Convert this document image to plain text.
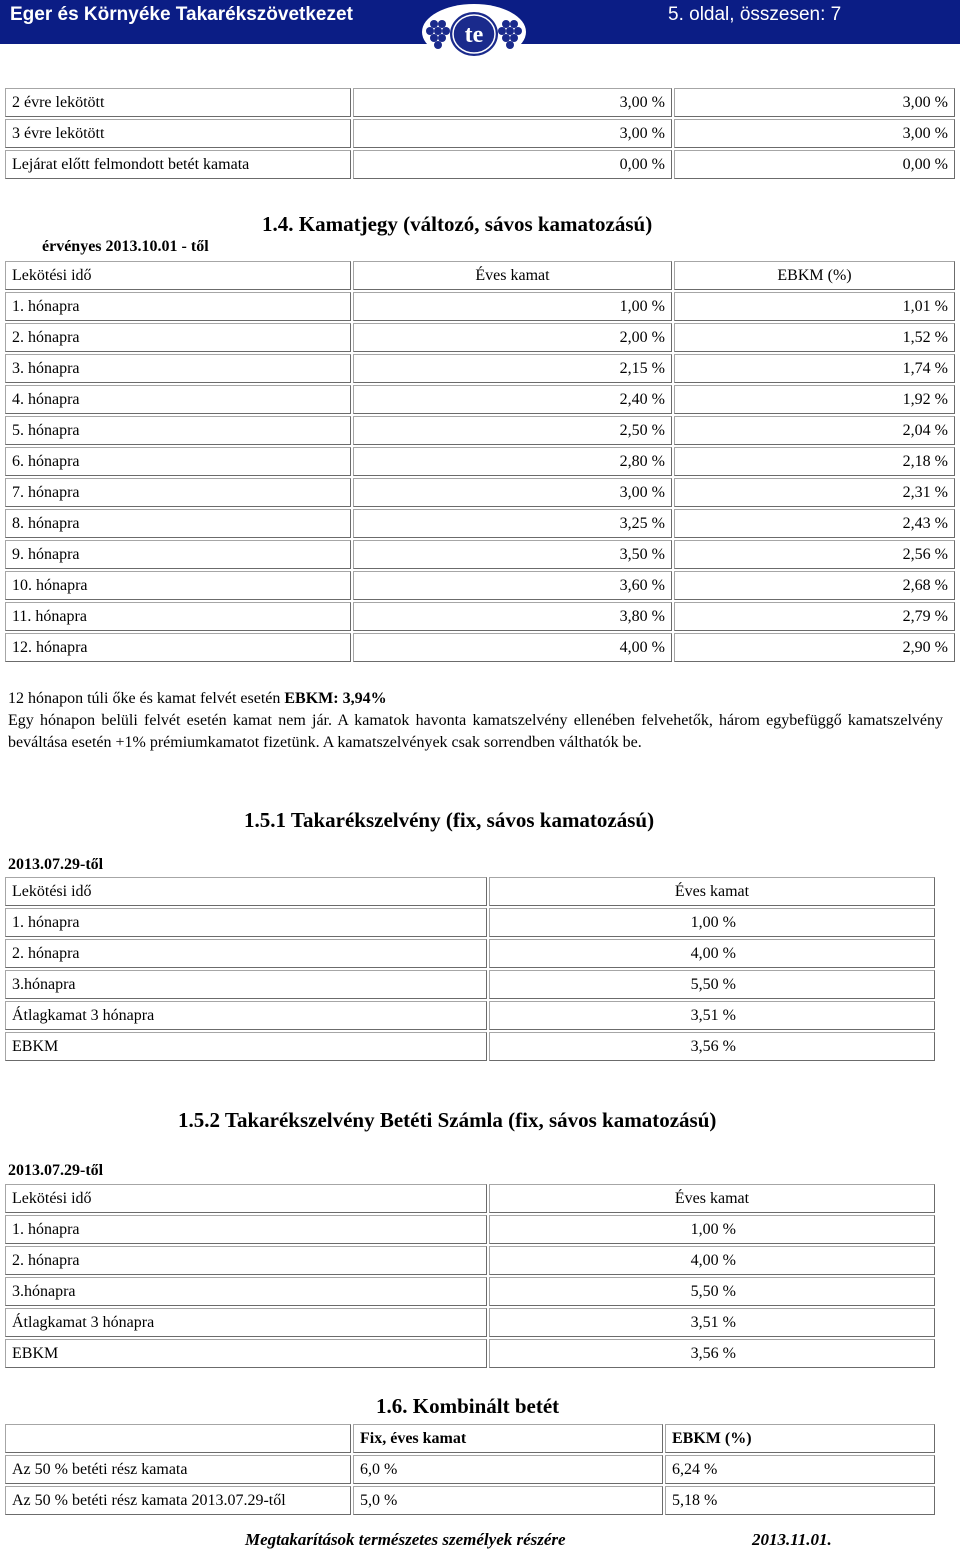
Eger és Környéke Takarékszövetkezet	5. oldal, összesen: 7
te
2 évre lekötött	3,00 %	3,00 %
3 évre lekötött	3,00 %	3,00 %
Lejárat előtt felmondott betét kamata	0,00 %	0,00 %
1.4. Kamatjegy (változó, sávos kamatozású)
érvényes 2013.10.01 - től
Lekötési idő	Éves kamat	EBKM (%)
1. hónapra	1,00 %	1,01 %
2. hónapra	2,00 %	1,52 %
3. hónapra	2,15 %	1,74 %
4. hónapra	2,40 %	1,92 %
5. hónapra	2,50 %	2,04 %
6. hónapra	2,80 %	2,18 %
7. hónapra	3,00 %	2,31 %
8. hónapra	3,25 %	2,43 %
9. hónapra	3,50 %	2,56 %
10. hónapra	3,60 %	2,68 %
11. hónapra	3,80 %	2,79 %
12. hónapra	4,00 %	2,90 %
12 hónapon túli őke és kamat felvét esetén EBKM: 3,94%
Egy hónapon belüli felvét esetén kamat nem jár. A kamatok havonta kamatszelvény ellenében felvehetők, három egybefüggő kamatszelvény beváltása esetén +1% prémiumkamatot fizetünk. A kamatszelvények csak sorrendben válthatók be.
1.5.1 Takarékszelvény (fix, sávos kamatozású)
2013.07.29-től
Lekötési idő	Éves kamat
1. hónapra	1,00 %
2. hónapra	4,00 %
3.hónapra	5,50 %
Átlagkamat 3 hónapra	3,51 %
EBKM	3,56 %
1.5.2 Takarékszelvény Betéti Számla (fix, sávos kamatozású)
2013.07.29-től
Lekötési idő	Éves kamat
1. hónapra	1,00 %
2. hónapra	4,00 %
3.hónapra	5,50 %
Átlagkamat 3 hónapra	3,51 %
EBKM	3,56 %
1.6. Kombinált betét
	Fix, éves kamat	EBKM (%)
Az 50 % betéti rész kamata	6,0 %	6,24 %
Az 50 % betéti rész kamata 2013.07.29-től	5,0 %	5,18 %
Megtakarítások természetes személyek részére	2013.11.01.
